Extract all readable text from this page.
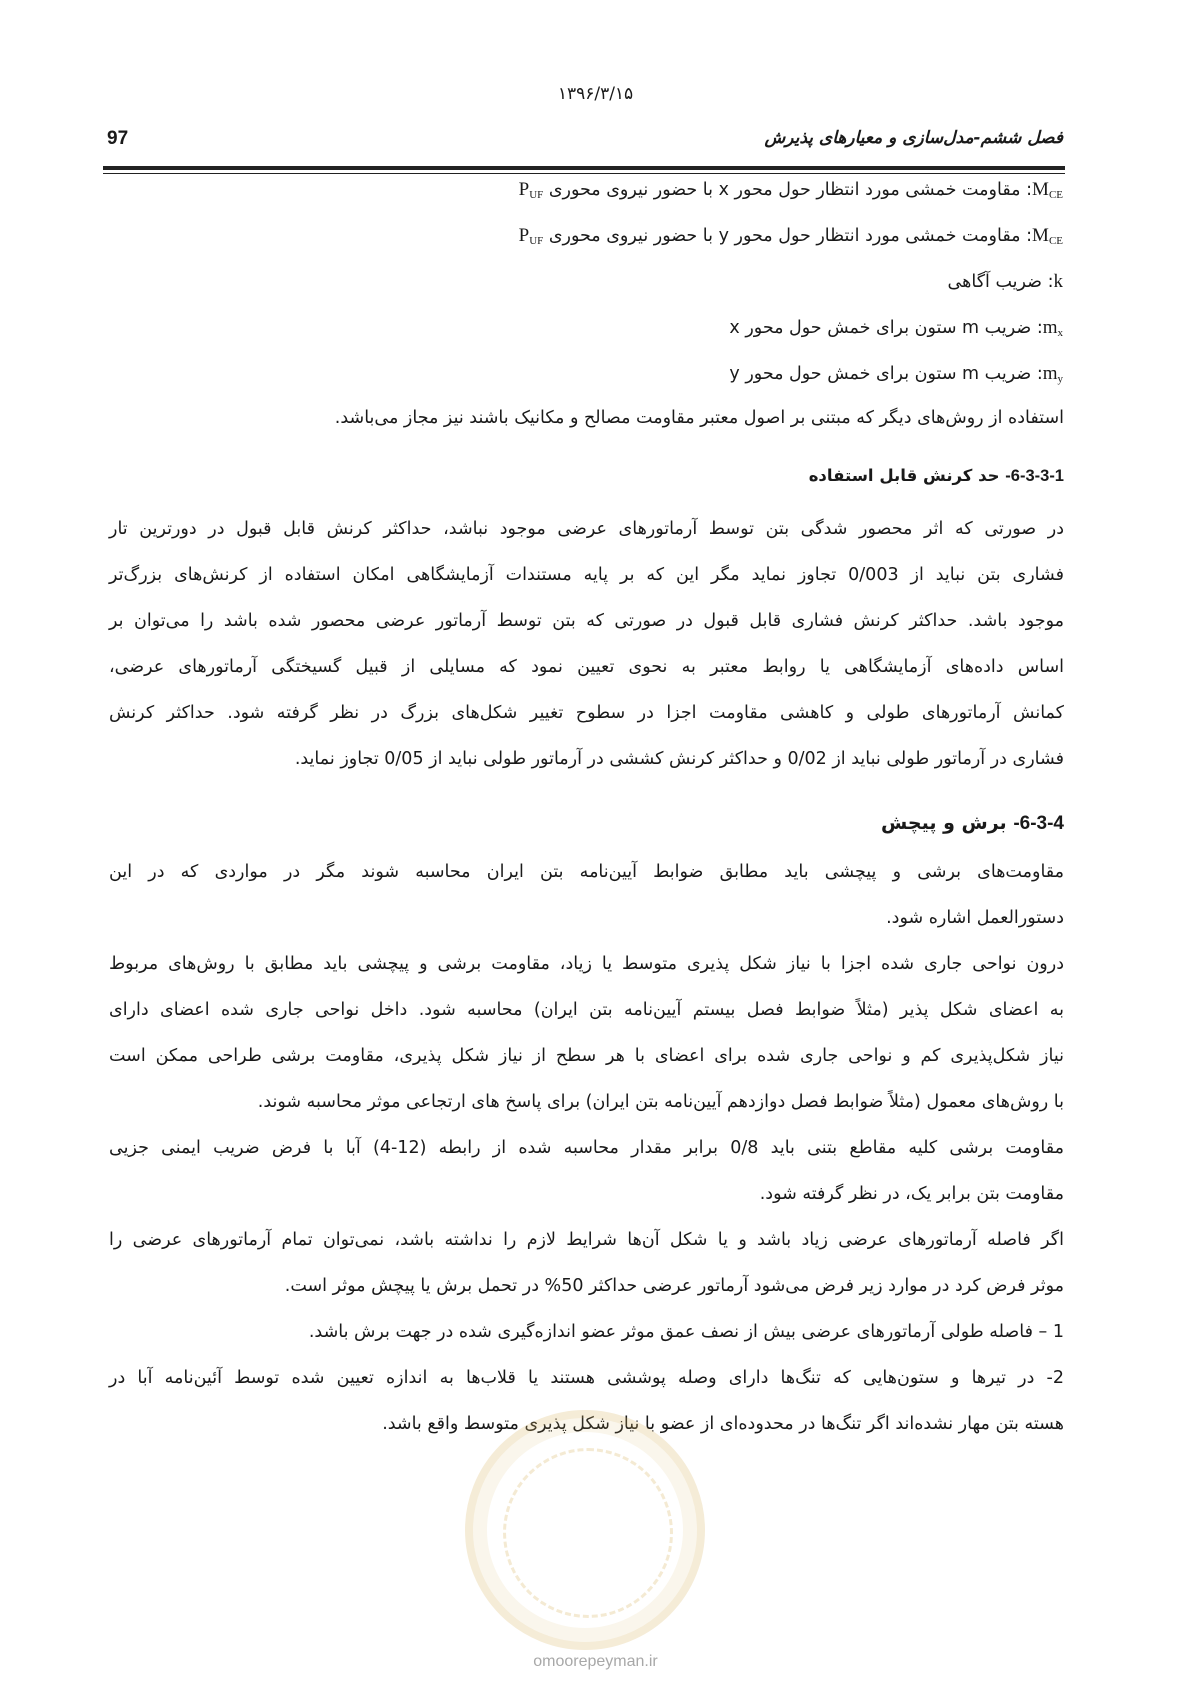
۱۳۹۶/۳/۱۵
97	فصل ششم-مدل‌سازی و معیارهای پذیرش
$M_{CE}$: مقاومت خمشی مورد انتظار حول محور x با حضور نیروی محوری $P_{UF}$
$M_{CE}$: مقاومت خمشی مورد انتظار حول محور y با حضور نیروی محوری $P_{UF}$
k: ضریب آگاهی
$m_x$: ضریب m ستون برای خمش حول محور x
$m_y$: ضریب m ستون برای خمش حول محور y
استفاده از روش‌های دیگر که مبتنی بر اصول معتبر مقاومت مصالح و مکانیک باشند نیز مجاز می‌باشد.
6-3-3-1- حد کرنش قابل استفاده
در صورتی که اثر محصور شدگی بتن توسط آرماتورهای عرضی موجود نباشد، حداکثر کرنش قابل قبول در دورترین تار
فشاری بتن نباید از 0/003 تجاوز نماید مگر این که بر پایه مستندات آزمایشگاهی امکان استفاده از کرنش‌های بزرگ‌تر
موجود باشد. حداکثر کرنش فشاری قابل قبول در صورتی که بتن توسط آرماتور عرضی محصور شده باشد را می‌توان بر
اساس داده‌های آزمایشگاهی یا روابط معتبر به نحوی تعیین نمود که مسایلی از قبیل گسیختگی آرماتورهای عرضی،
کمانش آرماتورهای طولی و کاهشی مقاومت اجزا در سطوح تغییر شکل‌های بزرگ در نظر گرفته شود. حداکثر کرنش
فشاری در آرماتور طولی نباید از 0/02 و حداکثر کرنش کششی در آرماتور طولی نباید از 0/05 تجاوز نماید.
6-3-4- برش و پیچش
مقاومت‌های برشی و پیچشی باید مطابق ضوابط آیین‌نامه بتن ایران محاسبه شوند مگر در مواردی که در این
دستورالعمل اشاره شود.
درون نواحی جاری شده اجزا با نیاز شکل پذیری متوسط یا زیاد، مقاومت برشی و پیچشی باید مطابق با روش‌های مربوط
به اعضای شکل پذیر (مثلاً ضوابط فصل بیستم آیین‌نامه بتن ایران) محاسبه شود. داخل نواحی جاری شده اعضای دارای
نیاز شکل‌پذیری کم و نواحی جاری شده برای اعضای با هر سطح از نیاز شکل پذیری، مقاومت برشی طراحی ممکن است
با روش‌های معمول (مثلاً ضوابط فصل دوازدهم آیین‌نامه بتن ایران) برای پاسخ های ارتجاعی موثر محاسبه شوند.
مقاومت برشی کلیه مقاطع بتنی باید 0/8 برابر مقدار محاسبه شده از رابطه (12-4) آبا با فرض ضریب ایمنی جزیی
مقاومت بتن برابر یک، در نظر گرفته شود.
اگر فاصله آرماتورهای عرضی زیاد باشد و یا شکل آن‌ها شرایط لازم را نداشته باشد، نمی‌توان تمام آرماتورهای عرضی را
موثر فرض کرد در موارد زیر فرض می‌شود آرماتور عرضی حداکثر 50% در تحمل برش یا پیچش موثر است.
1 – فاصله طولی آرماتورهای عرضی بیش از نصف عمق موثر عضو اندازه‌گیری شده در جهت برش باشد.
2- در تیرها و ستون‌هایی که تنگ‌ها دارای وصله پوششی هستند یا قلاب‌ها به اندازه تعیین شده توسط آئین‌نامه آبا در
هسته بتن مهار نشده‌اند اگر تنگ‌ها در محدوده‌ای از عضو با نیاز شکل پذیری متوسط واقع باشد.
omoorepeyman.ir
